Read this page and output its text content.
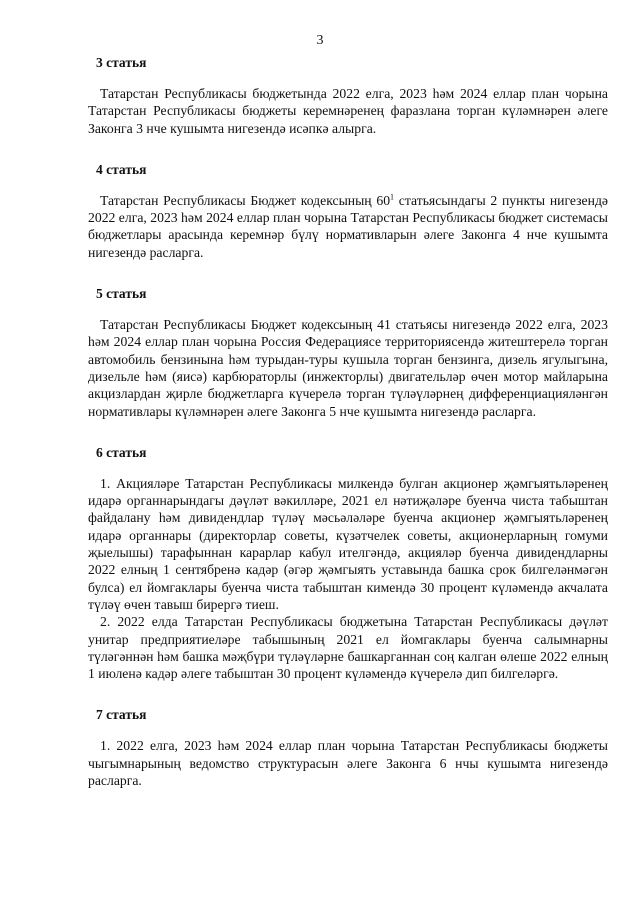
3
3 статья

Татарстан Республикасы бюджетында 2022 елга, 2023 һәм 2024 еллар план чорына Татарстан Республикасы бюджеты керемнәренең фаразлана торган күләмнәрен әлеге Законга 3 нче кушымта нигезендә исәпкә алырга.

4 статья

Татарстан Республикасы Бюджет кодексының $60^1$ статьясындагы 2 пункты нигезендә 2022 елга, 2023 һәм 2024 еллар план чорына Татарстан Республикасы бюджет системасы бюджетлары арасында керемнәр бүлү нормативларын әлеге Законга 4 нче кушымта нигезендә расларга.

5 статья

Татарстан Республикасы Бюджет кодексының 41 статьясы нигезендә 2022 елга, 2023 һәм 2024 еллар план чорына Россия Федерациясе территориясендә житештерелә торган автомобиль бензинына һәм турыдан-туры кушыла торган бензинга, дизель ягулыгына, дизельле һәм (яисә) карбюраторлы (инжекторлы) двигательләр өчен мотор майларына акцизлардан җирле бюджетларга күчерелә торган түләүләрнең дифференциацияләнгән нормативлары күләмнәрен әлеге Законга 5 нче кушымта нигезендә расларга.

6 статья

1. Акцияләре Татарстан Республикасы милкендә булган акционер җәмгыятьләренең идарә органнарындагы дәүләт вәкилләре, 2021 ел нәтиҗәләре буенча чиста табыштан файдалану һәм дивидендлар түләү мәсьәләләре буенча акционер җәмгыятьләренең идарә органнары (директорлар советы, күзәтчелек советы, акционерларның гомуми җыелышы) тарафыннан карарлар кабул ителгәндә, акцияләр буенча дивидендларны 2022 елның 1 сентябренә кадәр (әгәр җәмгыять уставында башка срок билгеләнмәгән булса) ел йомгаклары буенча чиста табыштан кимендә 30 процент күләмендә акчалата түләү өчен тавыш бирергә тиеш.

2. 2022 елда Татарстан Республикасы бюджетына Татарстан Республикасы дәүләт унитар предприятиеләре табышының 2021 ел йомгаклары буенча салымнарны түләгәннән һәм башка мәҗбүри түләүләрне башкарганнан соң калган өлеше 2022 елның 1 июленә кадәр әлеге табыштан 30 процент күләмендә күчерелә дип билгеләргә.

7 статья

1. 2022 елга, 2023 һәм 2024 еллар план чорына Татарстан Республикасы бюджеты чыгымнарының ведомство структурасын әлеге Законга 6 нчы кушымта нигезендә расларга.
